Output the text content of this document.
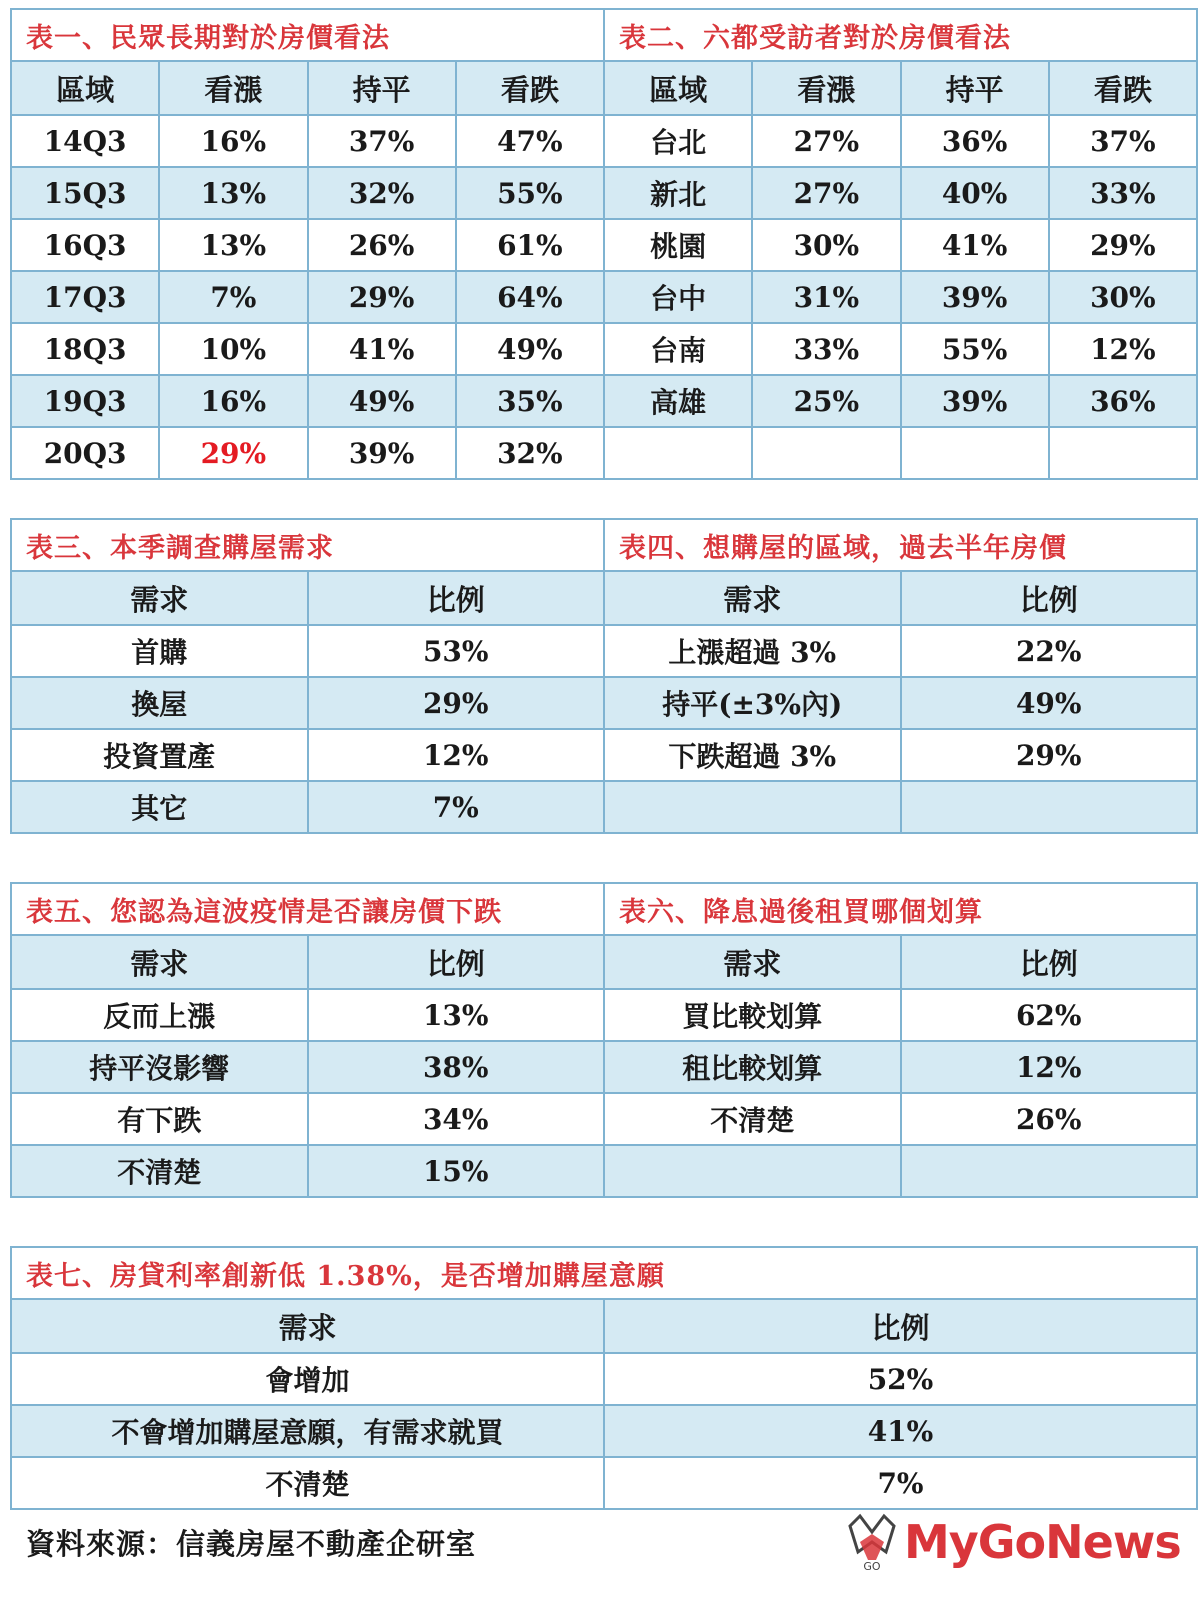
表一、民眾長期對於房價看法	表二、六都受訪者對於房價看法
區域	看漲	持平	看跌
14Q3	16%	37%	47%
15Q3	13%	32%	55%
16Q3	13%	26%	61%
17Q3	7%	29%	64%
18Q3	10%	41%	49%
19Q3	16%	49%	35%
20Q3	29%	39%	32%
區域	看漲	持平	看跌
台北	27%	36%	37%
新北	27%	40%	33%
桃園	30%	41%	29%
台中	31%	39%	30%
台南	33%	55%	12%
高雄	25%	39%	36%

表三、本季調查購屋需求	表四、想購屋的區域，過去半年房價
需求	比例
首購	53%
換屋	29%
投資置產	12%
其它	7%
需求	比例
上漲超過 3%	22%
持平(±3%內)	49%
下跌超過 3%	29%

表五、您認為這波疫情是否讓房價下跌	表六、降息過後租買哪個划算
需求	比例
反而上漲	13%
持平沒影響	38%
有下跌	34%
不清楚	15%
需求	比例
買比較划算	62%
租比較划算	12%
不清楚	26%

表七、房貸利率創新低 1.38%，是否增加購屋意願
需求	比例
會增加	52%
不會增加購屋意願，有需求就買	41%
不清楚	7%
資料來源：信義房屋不動產企研室
GO MyGoNews
